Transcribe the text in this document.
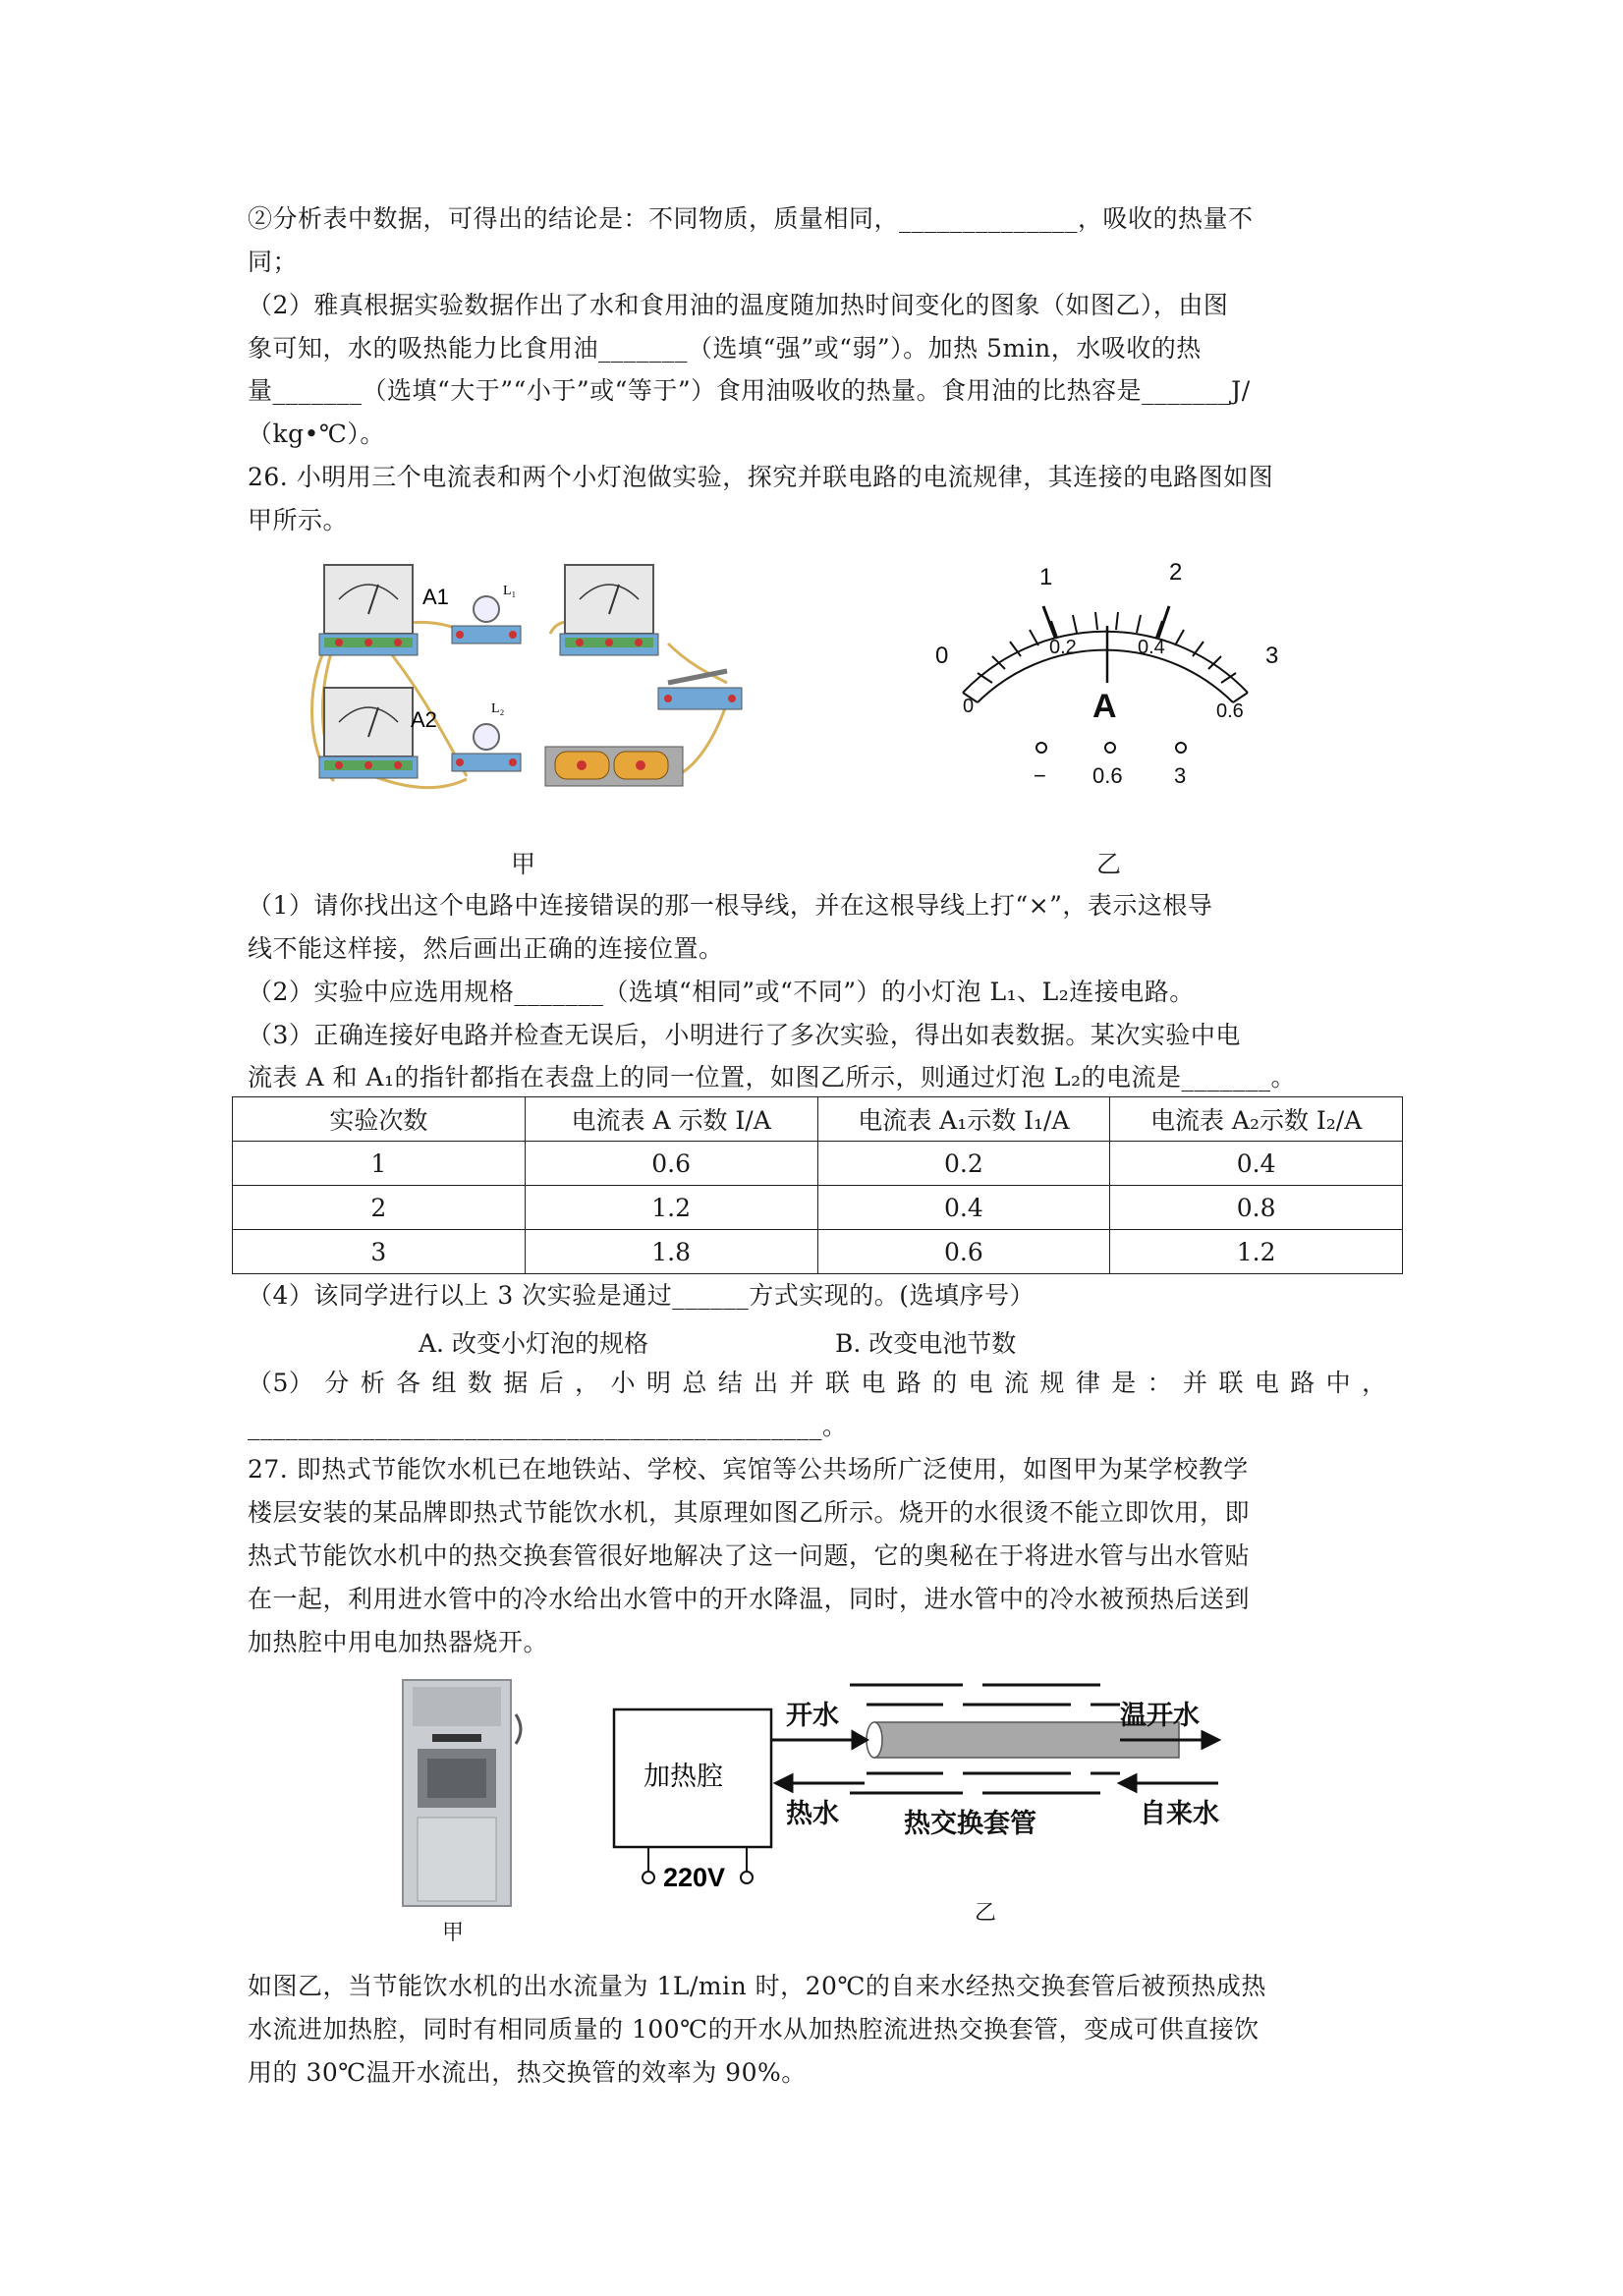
②分析表中数据，可得出的结论是：不同物质，质量相同，______________，吸收的热量不
同；
（2）雅真根据实验数据作出了水和食用油的温度随加热时间变化的图象（如图乙），由图
象可知，水的吸热能力比食用油_______（选填“强”或“弱”）。加热 5min，水吸收的热
量_______（选填“大于”“小于”或“等于”）食用油吸收的热量。食用油的比热容是_______J/
（kg•℃）。
26. 小明用三个电流表和两个小灯泡做实验，探究并联电路的电流规律，其连接的电路图如图
甲所示。
A1
A2
L₁
L₂
0
1	2
3
0
0.2	0.4
0.6
A
− 0.6 3
甲	乙
（1）请你找出这个电路中连接错误的那一根导线，并在这根导线上打“×”，表示这根导
线不能这样接，然后画出正确的连接位置。
（2）实验中应选用规格_______（选填“相同”或“不同”）的小灯泡 L₁、L₂连接电路。
（3）正确连接好电路并检查无误后，小明进行了多次实验，得出如表数据。某次实验中电
流表 A 和 A₁的指针都指在表盘上的同一位置，如图乙所示，则通过灯泡 L₂的电流是_______。
实验次数	电流表 A 示数 I/A	电流表 A₁示数 I₁/A	电流表 A₂示数 I₂/A
1	0.6	0.2	0.4
2	1.2	0.4	0.8
3	1.8	0.6	1.2
（4）该同学进行以上 3 次实验是通过______方式实现的。(选填序号）
A. 改变小灯泡的规格	B. 改变电池节数
（5） 分 析 各 组 数 据 后 ， 小 明 总 结 出 并 联 电 路 的 电 流 规 律 是 ： 并 联 电 路 中 ，
_____________________________________________。
27. 即热式节能饮水机已在地铁站、学校、宾馆等公共场所广泛使用，如图甲为某学校教学
楼层安装的某品牌即热式节能饮水机，其原理如图乙所示。烧开的水很烫不能立即饮用，即
热式节能饮水机中的热交换套管很好地解决了这一问题，它的奥秘在于将进水管与出水管贴
在一起，利用进水管中的冷水给出水管中的开水降温，同时，进水管中的冷水被预热后送到
加热腔中用电加热器烧开。
甲
加热腔
220V
开水	温开水
热水 热交换套管	自来水
乙
如图乙，当节能饮水机的出水流量为 1L/min 时，20℃的自来水经热交换套管后被预热成热
水流进加热腔，同时有相同质量的 100℃的开水从加热腔流进热交换套管，变成可供直接饮
用的 30℃温开水流出，热交换管的效率为 90%。
